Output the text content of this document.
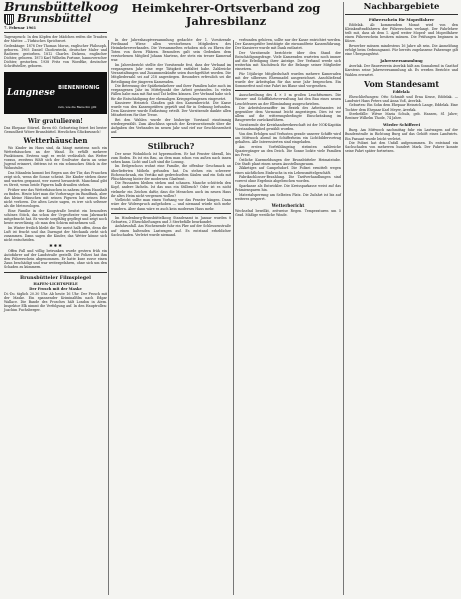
Brunsbüttelkoog
Brunsbüttel
7. Februar 1961

Tagesspruch: In den Köpfen der Mädchen reifen die Trauben der Mutter. —Türkisches Sprichwort.

Gedenktage: 1878 Der Thomas Morus, englischer Philosoph, geboren. 1905 Daniel Chodowiecki, deutscher Maler und Radierer, gestorben. 1812 Charles Dickens, englischer Dichter, geboren. 1873 Karl Wilhelm Fortune, hannoverscher Dichter, gestorben. 1938 Fritz von Woedtke, deutscher Schriftsteller, geboren.

Langnese BIENENHONIG
rein, wie die Biene ihn gibt
Wir gratulieren!

Das Ehepaar Stürzel. Ihren 60. Geburtstag feiert bei bester Gesundheit Witwe Brunsbüttel. Herzlichen Glückwunsch!

Wetterhäuschen

Wo Kinder im Haus sind, da hängt meistens noch ein Wetterhäuschen an der Wand. Es erfüllt mehrere Funktionen. Erstens sagt es recht verlässlich das Wetter voraus, zweitens fühlt sich der Großvater darin an seine Jugend erinnert, drittens ist es ein schmuckes Stück in der Wohnstube.

Das Männlein kommt bei Regen aus der Tür, das Frauchen zeigt sich, wenn die Sonne scheint. Die Kinder stehen davor und warten gespannt, wer zuerst heraustritt. Manchmal gibt es Streit, wenn beide Figuren halb draußen stehen.

Früher war das Wetterhäuschen in nahezu jedem Haushalt zu finden. Heute hört man die Vorhersage im Rundfunk, aber das kleine Häuschen mit seinen Figuren hat seinen Reiz nicht verloren. Die alten Leute sagen, es irre sich seltener als die Meteorologen.

Eine Familie in der Koogstraße besitzt ein besonders schönes Stück, das schon der Urgroßvater vom Jahrmarkt mitgebracht hat. Es wurde sorgfältig gepflegt und zeigt noch heute zuverlässig, ob man den Schirm mitnehmen soll.

Im Winter freilich bleibt die Tür meist halb offen, denn die Luft ist feucht und das Darmgut der Mechanik zieht sich zusammen. Dann sagen die Kinder, das Wetter könne sich nicht entscheiden.

✱ ✱ ✱

Offen Fall und völlig betrunken wurde gestern früh ein Autofahrer auf der Landstraße gestellt. Die Polizei hat ihm den Führerschein abgenommen. Er hatte kurz zuvor einen Zaun beschädigt und war weitergefahren, ohne sich um den Schaden zu kümmern.

Brunsbütteler Filmspiegel
HAFEN-LICHTSPIELE
Der Frosch mit der Maske

Di.-Do. täglich 20.30 Uhr. Ab heute 16 Uhr: Der Frosch mit der Maske. Ein spannender Kriminalfilm nach Edgar Wallace. Die Bande des Frosches hält London in Atem. Inspektor Elk nimmt die Verfolgung auf. In den Hauptrollen: Joachim Fuchsberger.

Heimkehrer-Ortsverband zog Jahresbilanz

In der Jahreshauptversammlung gedachte der 1. Vorsitzende Ferdinand Wiese allen verstorbenen Mitgliedern des Heimkehrerverbandes. Die Versammelten erhoben sich zu Ehren der Toten von ihren Plätzen. Besonders galt sein Gedenken dem verstorbenen Mitglied Johann Martens, der stets ein treuer Kamerad war.

Im Jahresbericht stellte der Vorsitzende fest, dass der Verband im vergangenen Jahr eine rege Tätigkeit entfaltet habe. Zahlreiche Veranstaltungen und Zusammenkünfte seien durchgeführt worden. Die Mitgliederzahl sei auf 218 angestiegen. Besonders erfreulich sei die Beteiligung der jüngeren Kameraden.

Die Betreuung der Spätheimkehrer und ihrer Familien habe auch im vergangenen Jahr im Mittelpunkt der Arbeit gestanden. In vielen Fällen habe man mit Rat und Tat helfen können. Der Verband habe sich für die Entschädigung der ehemaligen Kriegsgefangenen eingesetzt.

Kassierer Heinrich Claußen gab den Kassenbericht. Die Kasse wurde von den Kassenprüfern geprüft und für in Ordnung befunden. Dem Kassierer wurde Entlastung erteilt. Der Vorsitzende dankte allen Mitarbeitern für ihre Treue.

Bei den Wahlen wurde der bisherige Vorstand einstimmig wiedergewählt. Zum Abschluss sprach der Kreisvorsitzende über die Aufgaben des Verbandes im neuen Jahr und rief zur Geschlossenheit auf.

Stilbruch?

Der neue Wohnblock ist hypermodern. Er hat Fenster überall, bis zum Boden. Es ist ein Bau, an dem man schon von außen nach innen sehen kann. Licht und Luft sind die Losung.

Im Erdgeschoss wohnt eine Familie, die offenbar Geschmack an überlieferten Möbeln gefunden hat. Da stehen ein schwerer Eichenschrank, ein Vertiko mit gedrechselten Säulen und ein Sofa mit Plüschbezug hinter der modernen Glasfront.

Die Passanten bleiben stehen und schauen. Manche schütteln den Kopf, andere lächeln. Ist das nun ein Stilbruch? Oder ist es nicht vielmehr ein Zeichen dafür, dass die Menschen auch im neuen Haus ihr altes Heim nicht vergessen wollen?

Vielleicht sollte man einen Vorhang vor das Fenster hängen. Dann wäre der Widerspruch aufgehoben — und niemand würde sich mehr wundern. Aber dann wäre es auch kein modernes Haus mehr.

Im Hindenburg-Brunsbüttelkoog Standesamt in Januar wurden 8 Geburten, 2 Eheschließungen und 3 Sterbefälle beurkundet.

Anfahrunfall. Am Wochenende fuhr ein Pkw auf der Schleusenstraße auf einen haltenden Lastwagen auf. Es entstand erheblicher Sachschaden. Verletzt wurde niemand.

verbunden gehören, sollte nur der Kasse entrichtet werden. Der Kassenprüfer bestätigte die einwandfreie Kassenführung. Der Kassierer wurde mit Dank entlastet.

Der Vorsitzende berichtete über den Stand der Entschädigungsfrage. Viele Kameraden warteten noch immer auf die Erledigung ihrer Anträge. Der Verband werde sich weiterhin mit Nachdruck für die Belange seiner Mitglieder einsetzen.

Für 10jährige Mitgliedschaft wurden mehrere Kameraden mit der silbernen Ehrennadel ausgezeichnet. Anschließend wurde der Arbeitsplan für das neue Jahr besprochen. Ein Sommerfest und eine Fahrt ins Blaue sind vorgesehen.

Ausschreibung des 4 × 5 m großen Leuchtturmes. Die Wasser- und Schifffahrtsverwaltung hat den Bau eines neuen Leuchtfeuers an der Elbmündung ausgeschrieben.

Die Arbeitslosenziffer im Bezirk des Arbeitsamtes ist gegenüber dem Vormonat leicht angestiegen. Dies ist vor allem auf die witterungsbedingte Einschränkung im Baugewerbe zurückzuführen.

Vorsitzende der Kreishandwerkerschaft ist der NOK-Kapitän Vorstandsmitglied gewählt worden.

Von den Erfolgen und Verlusten gerade unserer Schiffe wird am Mittwoch abend im Schifferheim ein Lichtbildervortrag gehalten. Alle Interessierten sind eingeladen.

Am ersten Vorfrühlingstag strömten zahlreiche Spaziergänger an den Deich. Die Sonne lockte viele Familien ins Freie.

Östliche Kurzmeldungen der Brunsbütteler Heimatstube. Die Stadt plant einen neuen Ausstellungsraum.

Zikketiges auf Campelsdorf. Die Polizei ermittelt wegen eines nächtlichen Einbruchs in ein Lebensmittelgeschäft.

Fabrikschlosser-Bezahlung. Die Tarifverhandlungen sind vorerst ohne Ergebnis abgebrochen worden.

Sparkasse als Entwickler. Die Kreissparkasse weist auf das Prämiensparen hin.

Materialsperrung am Selbsten Platz. Die Zufahrt ist bis auf weiteres gesperrt.

Wetterbericht

Wechselnd bewölkt, zeitweise Regen. Temperaturen um 5 Grad. Mäßige westliche Winde.

Nachbargebiete
Führerschein für Mopedfahrer

Eddelak. Ab kommendem Monat wird von den Kleinkraftradfahrern der Führerschein verlangt. Der Fahrlehrer teilt mit, dass ab dem 1. April weiter Moped- und Mopedfahrer einen Führerschein besitzen müssen. Die Prüfungen beginnen in Kürze.

Bewerber müssen mindestens 16 Jahre alt sein. Die Anmeldung erfolgt beim Ordnungsamt. Für bereits zugelassene Fahrzeuge gilt eine Übergangsfrist.

Jahresversammlung

Averlak. Der Bauerverein Averlak hält am Sonnabend in Gasthof Karstens seine Jahresversammlung ab. Es werden Berichte und Wahlen erwartet.

Vom Standesamt
Eddelak:

Eheschließungen: Otto Schmidt und Erna Kruse, Eddelak. — Landwirt Hans Peters und Anna Voß, Averlak.

Geburten: Ein Sohn dem Ehepaar Heinrich Lange, Eddelak. Eine Tochter dem Ehepaar Karl Meyer, Averlak.

Sterbefälle: Witwe Maria Schulz, geb. Hansen, 81 Jahre; Rentner Wilhelm Thode, 74 Jahre.

Wieder Schifferei

Burg. Am Mittwoch nachmittag fuhr ein Lastwagen auf der Bundesstraße in Richtung Burg auf das Gehöft eines Landwirts. Ein Passant wurde leicht verletzt.

Die Polizei hat den Unfall aufgenommen. Es entstand ein Sachschaden von mehreren hundert Mark. Der Fahrer konnte seine Fahrt später fortsetzen.
